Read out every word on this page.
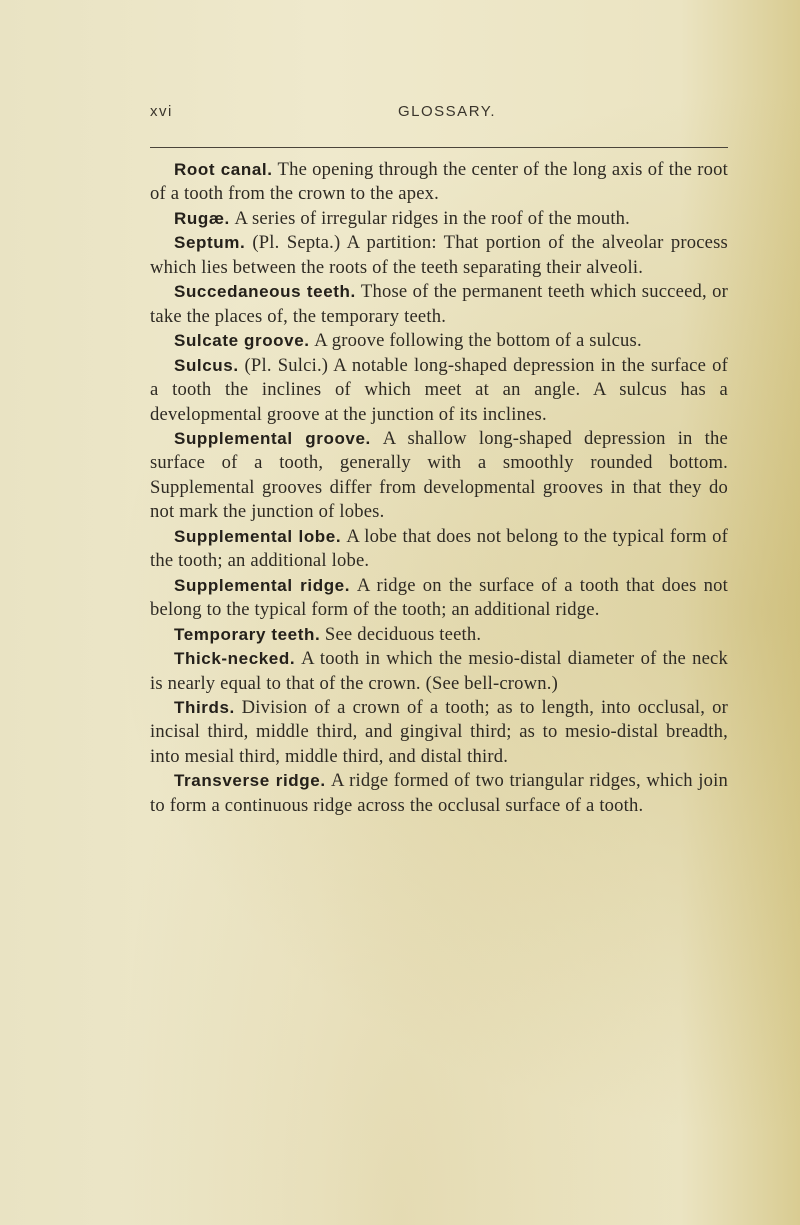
xvi	GLOSSARY.

Root canal. The opening through the center of the long axis of the root of a tooth from the crown to the apex.

Rugæ. A series of irregular ridges in the roof of the mouth.

Septum. (Pl. Septa.) A partition: That portion of the alveolar process which lies between the roots of the teeth separating their alveoli.

Succedaneous teeth. Those of the permanent teeth which succeed, or take the places of, the temporary teeth.

Sulcate groove. A groove following the bottom of a sulcus.

Sulcus. (Pl. Sulci.) A notable long-shaped depression in the surface of a tooth the inclines of which meet at an angle. A sulcus has a developmental groove at the junction of its inclines.

Supplemental groove. A shallow long-shaped depression in the surface of a tooth, generally with a smoothly rounded bottom. Supplemental grooves differ from developmental grooves in that they do not mark the junction of lobes.

Supplemental lobe. A lobe that does not belong to the typical form of the tooth; an additional lobe.

Supplemental ridge. A ridge on the surface of a tooth that does not belong to the typical form of the tooth; an additional ridge.

Temporary teeth. See deciduous teeth.

Thick-necked. A tooth in which the mesio-distal diameter of the neck is nearly equal to that of the crown. (See bell-crown.)

Thirds. Division of a crown of a tooth; as to length, into occlusal, or incisal third, middle third, and gingival third; as to mesio-distal breadth, into mesial third, middle third, and distal third.

Transverse ridge. A ridge formed of two triangular ridges, which join to form a continuous ridge across the occlusal surface of a tooth.
